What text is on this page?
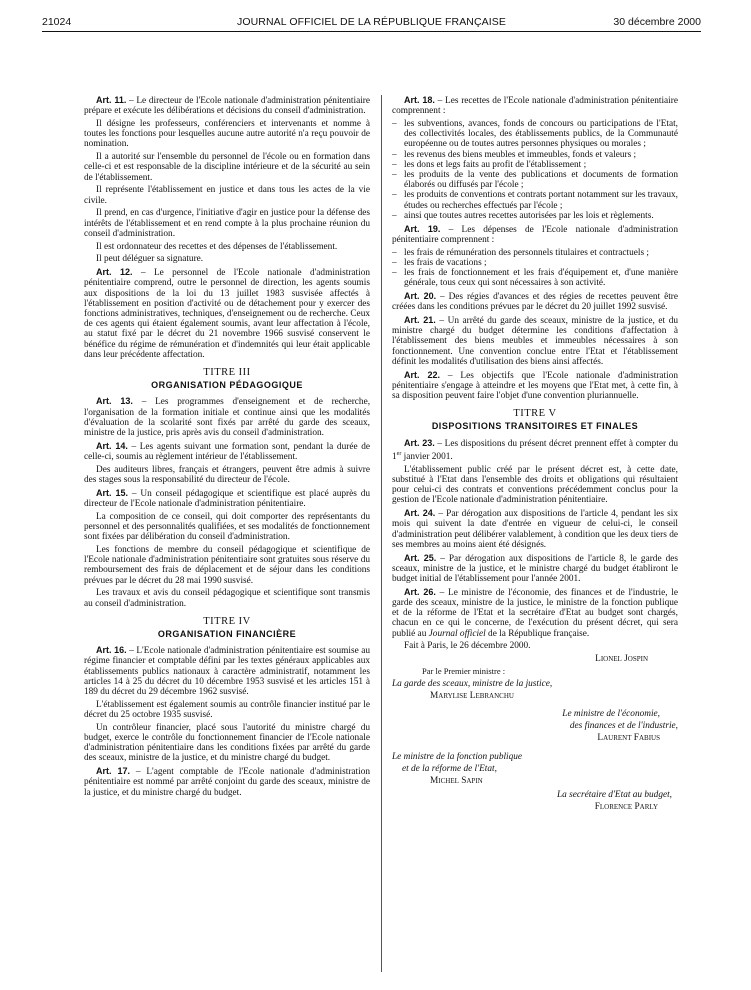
21024	JOURNAL OFFICIEL DE LA RÉPUBLIQUE FRANÇAISE	30 décembre 2000

Art. 11. – Le directeur de l'Ecole nationale d'administration pénitentiaire prépare et exécute les délibérations et décisions du conseil d'administration.

Il désigne les professeurs, conférenciers et intervenants et nomme à toutes les fonctions pour lesquelles aucune autre autorité n'a reçu pouvoir de nomination.

Il a autorité sur l'ensemble du personnel de l'école ou en formation dans celle-ci et est responsable de la discipline intérieure et de la sécurité au sein de l'établissement.

Il représente l'établissement en justice et dans tous les actes de la vie civile.

Il prend, en cas d'urgence, l'initiative d'agir en justice pour la défense des intérêts de l'établissement et en rend compte à la plus prochaine réunion du conseil d'administration.

Il est ordonnateur des recettes et des dépenses de l'établissement.

Il peut déléguer sa signature.

Art. 12. – Le personnel de l'Ecole nationale d'administration pénitentiaire comprend, outre le personnel de direction, les agents soumis aux dispositions de la loi du 13 juillet 1983 susvisée affectés à l'établissement en position d'activité ou de détachement pour y exercer des fonctions administratives, techniques, d'enseignement ou de recherche. Ceux de ces agents qui étaient également soumis, avant leur affectation à l'école, au statut fixé par le décret du 21 novembre 1966 susvisé conservent le bénéfice du régime de rémunération et d'indemnités qui leur était applicable dans leur précédente affectation.

TITRE III
ORGANISATION PÉDAGOGIQUE

Art. 13. – Les programmes d'enseignement et de recherche, l'organisation de la formation initiale et continue ainsi que les modalités d'évaluation de la scolarité sont fixés par arrêté du garde des sceaux, ministre de la justice, pris après avis du conseil d'administration.

Art. 14. – Les agents suivant une formation sont, pendant la durée de celle-ci, soumis au règlement intérieur de l'établissement.

Des auditeurs libres, français et étrangers, peuvent être admis à suivre des stages sous la responsabilité du directeur de l'école.

Art. 15. – Un conseil pédagogique et scientifique est placé auprès du directeur de l'Ecole nationale d'administration pénitentiaire.

La composition de ce conseil, qui doit comporter des représentants du personnel et des personnalités qualifiées, et ses modalités de fonctionnement sont fixées par délibération du conseil d'administration.

Les fonctions de membre du conseil pédagogique et scientifique de l'Ecole nationale d'administration pénitentiaire sont gratuites sous réserve du remboursement des frais de déplacement et de séjour dans les conditions prévues par le décret du 28 mai 1990 susvisé.

Les travaux et avis du conseil pédagogique et scientifique sont transmis au conseil d'administration.

TITRE IV
ORGANISATION FINANCIÈRE

Art. 16. – L'Ecole nationale d'administration pénitentiaire est soumise au régime financier et comptable défini par les textes généraux applicables aux établissements publics nationaux à caractère administratif, notamment les articles 14 à 25 du décret du 10 décembre 1953 susvisé et les articles 151 à 189 du décret du 29 décembre 1962 susvisé.

L'établissement est également soumis au contrôle financier institué par le décret du 25 octobre 1935 susvisé.

Un contrôleur financier, placé sous l'autorité du ministre chargé du budget, exerce le contrôle du fonctionnement financier de l'Ecole nationale d'administration pénitentiaire dans les conditions fixées par arrêté du garde des sceaux, ministre de la justice, et du ministre chargé du budget.

Art. 17. – L'agent comptable de l'Ecole nationale d'administration pénitentiaire est nommé par arrêté conjoint du garde des sceaux, ministre de la justice, et du ministre chargé du budget.

Art. 18. – Les recettes de l'Ecole nationale d'administration pénitentiaire comprennent :

– les subventions, avances, fonds de concours ou participations de l'Etat, des collectivités locales, des établissements publics, de la Communauté européenne ou de toutes autres personnes physiques ou morales ;
– les revenus des biens meubles et immeubles, fonds et valeurs ;
– les dons et legs faits au profit de l'établissement ;
– les produits de la vente des publications et documents de formation élaborés ou diffusés par l'école ;
– les produits de conventions et contrats portant notamment sur les travaux, études ou recherches effectués par l'école ;
– ainsi que toutes autres recettes autorisées par les lois et règlements.

Art. 19. – Les dépenses de l'Ecole nationale d'administration pénitentiaire comprennent :

– les frais de rémunération des personnels titulaires et contractuels ;
– les frais de vacations ;
– les frais de fonctionnement et les frais d'équipement et, d'une manière générale, tous ceux qui sont nécessaires à son activité.

Art. 20. – Des régies d'avances et des régies de recettes peuvent être créées dans les conditions prévues par le décret du 20 juillet 1992 susvisé.

Art. 21. – Un arrêté du garde des sceaux, ministre de la justice, et du ministre chargé du budget détermine les conditions d'affectation à l'établissement des biens meubles et immeubles nécessaires à son fonctionnement. Une convention conclue entre l'Etat et l'établissement définit les modalités d'utilisation des biens ainsi affectés.

Art. 22. – Les objectifs que l'Ecole nationale d'administration pénitentiaire s'engage à atteindre et les moyens que l'Etat met, à cette fin, à sa disposition peuvent faire l'objet d'une convention pluriannuelle.

TITRE V
DISPOSITIONS TRANSITOIRES ET FINALES

Art. 23. – Les dispositions du présent décret prennent effet à compter du 1er janvier 2001.

L'établissement public créé par le présent décret est, à cette date, substitué à l'Etat dans l'ensemble des droits et obligations qui résultaient pour celui-ci des contrats et conventions précédemment conclus pour la gestion de l'Ecole nationale d'administration pénitentiaire.

Art. 24. – Par dérogation aux dispositions de l'article 4, pendant les six mois qui suivent la date d'entrée en vigueur de celui-ci, le conseil d'administration peut délibérer valablement, à condition que les deux tiers de ses membres au moins aient été désignés.

Art. 25. – Par dérogation aux dispositions de l'article 8, le garde des sceaux, ministre de la justice, et le ministre chargé du budget établiront le budget initial de l'établissement pour l'année 2001.

Art. 26. – Le ministre de l'économie, des finances et de l'industrie, le garde des sceaux, ministre de la justice, le ministre de la fonction publique et de la réforme de l'Etat et la secrétaire d'Etat au budget sont chargés, chacun en ce qui le concerne, de l'exécution du présent décret, qui sera publié au Journal officiel de la République française.

Fait à Paris, le 26 décembre 2000.

Lionel Jospin

Par le Premier ministre :

La garde des sceaux, ministre de la justice,

Marylise Lebranchu

Le ministre de l'économie,

des finances et de l'industrie,

Laurent Fabius

Le ministre de la fonction publique

et de la réforme de l'Etat,

Michel Sapin

La secrétaire d'Etat au budget,

Florence Parly
